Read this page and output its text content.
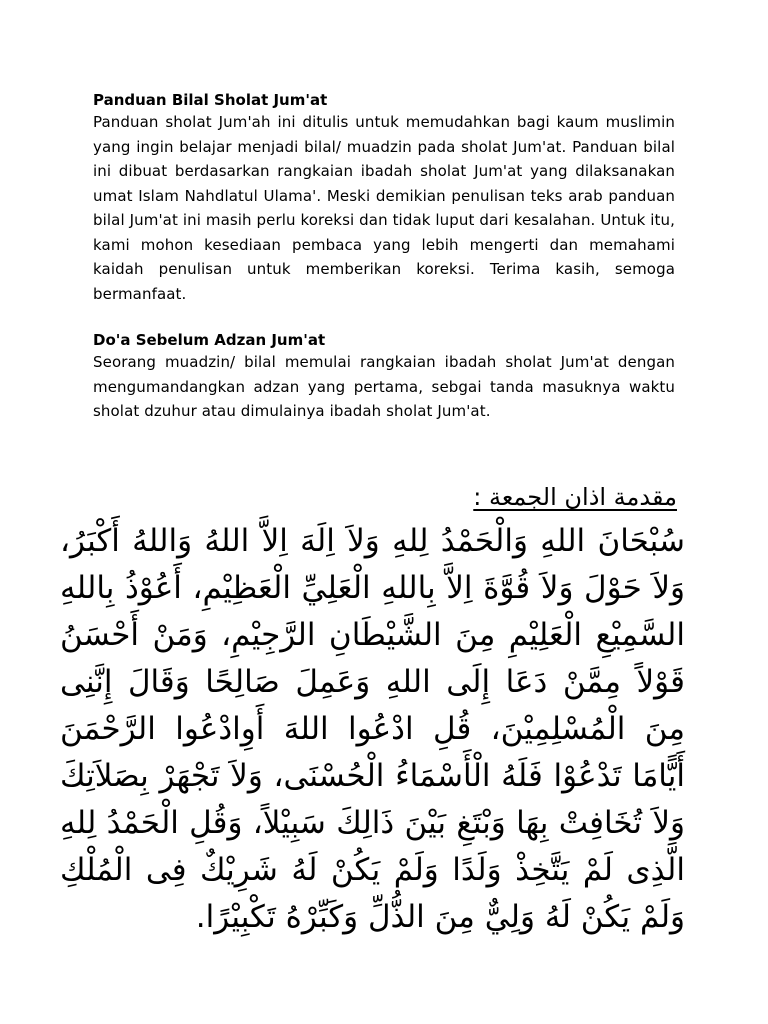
Panduan Bilal Sholat Jum'at

Panduan sholat Jum'ah ini ditulis untuk memudahkan bagi kaum muslimin yang ingin belajar menjadi bilal/ muadzin pada sholat Jum'at. Panduan bilal ini dibuat berdasarkan rangkaian ibadah sholat Jum'at yang dilaksanakan umat Islam Nahdlatul Ulama'. Meski demikian penulisan teks arab panduan bilal Jum'at ini masih perlu koreksi dan tidak luput dari kesalahan. Untuk itu, kami mohon kesediaan pembaca yang lebih mengerti dan memahami kaidah penulisan untuk memberikan koreksi. Terima kasih, semoga bermanfaat.

Do'a Sebelum Adzan Jum'at

Seorang muadzin/ bilal memulai rangkaian ibadah sholat Jum'at dengan mengumandangkan adzan yang pertama, sebgai tanda masuknya waktu sholat dzuhur atau dimulainya ibadah sholat Jum'at.

مقدمة اذان الجمعة :

سُبْحَانَ اللهِ وَالْحَمْدُ لِلهِ وَلاَ اِلَهَ اِلاَّ اللهُ وَاللهُ أَكْبَرُ، وَلاَ حَوْلَ وَلاَ قُوَّةَ اِلاَّ بِاللهِ الْعَلِيِّ الْعَظِيْمِ، أَعُوْذُ بِاللهِ السَّمِيْعِ الْعَلِيْمِ مِنَ الشَّيْطَانِ الرَّجِيْمِ، وَمَنْ أَحْسَنُ قَوْلاً مِمَّنْ دَعَا إِلَى اللهِ وَعَمِلَ صَالِحًا وَقَالَ إِنَّنِى مِنَ الْمُسْلِمِيْنَ، قُلِ ادْعُوا اللهَ أَوِادْعُوا الرَّحْمَنَ أَيًّامَا تَدْعُوْا فَلَهُ الْأَسْمَاءُ الْحُسْنَى، وَلاَ تَجْهَرْ بِصَلاَتِكَ وَلاَ تُخَافِتْ بِهَا وَبْتَغِ بَيْنَ ذَالِكَ سَبِيْلاً، وَقُلِ الْحَمْدُ لِلهِ الَّذِى لَمْ يَتَّخِذْ وَلَدًا وَلَمْ يَكُنْ لَهُ شَرِيْكٌ فِى الْمُلْكِ وَلَمْ يَكُنْ لَهُ وَلِيٌّ مِنَ الذُّلِّ وَكَبِّرْهُ تَكْبِيْرًا.
